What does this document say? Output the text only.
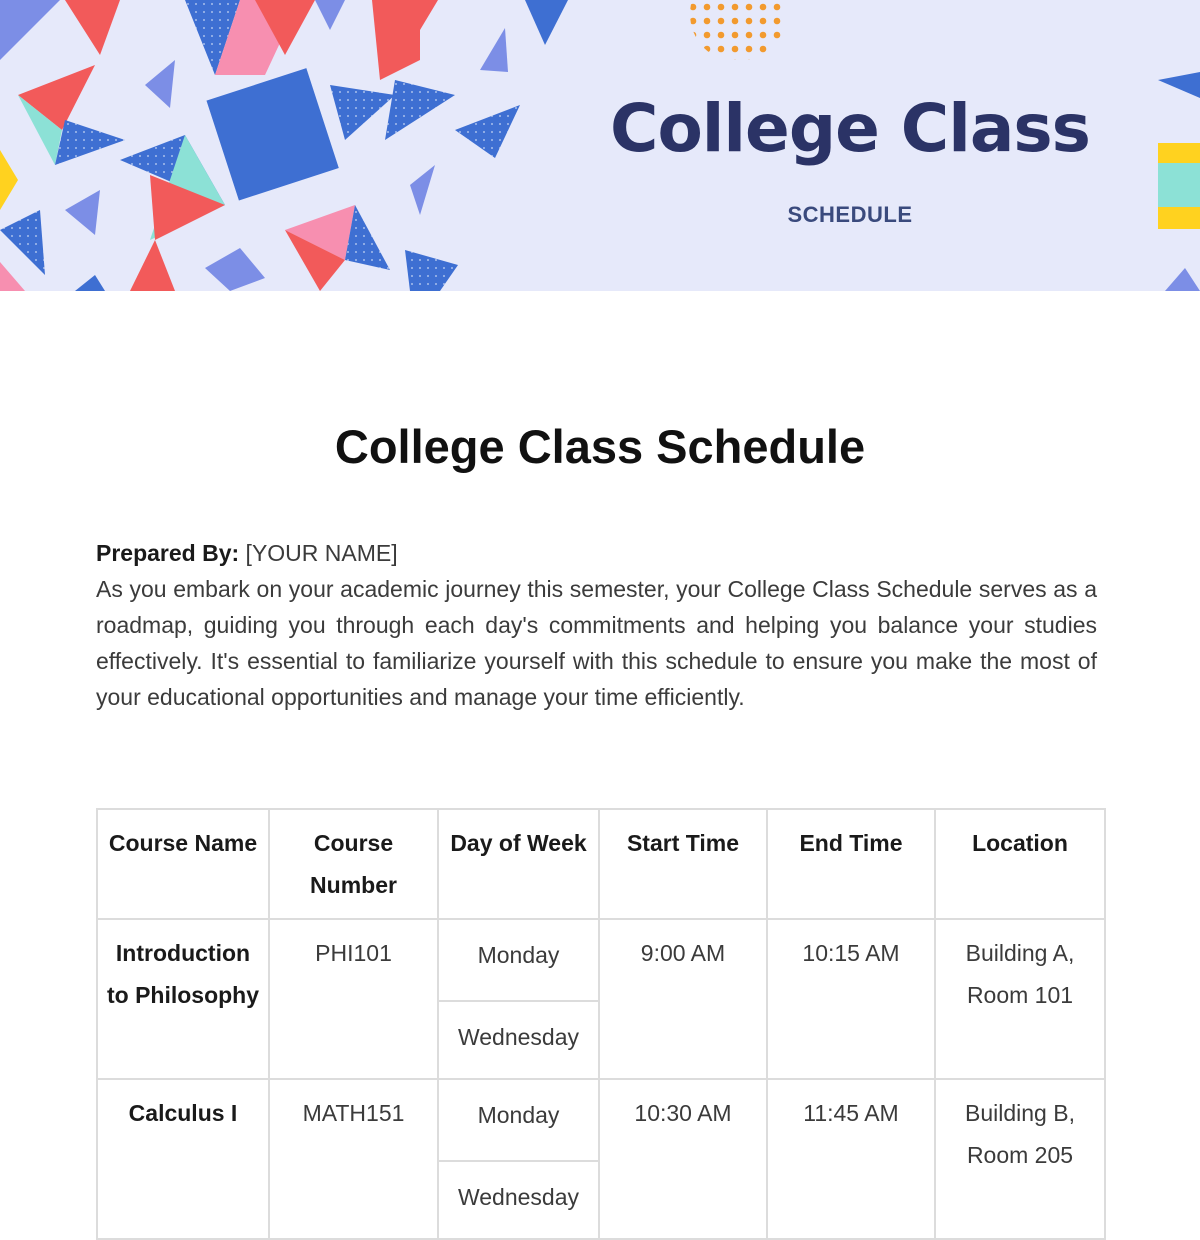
College Class
SCHEDULE
College Class Schedule

Prepared By: [YOUR NAME]

As you embark on your academic journey this semester, your College Class Schedule serves as a roadmap, guiding you through each day's commitments and helping you balance your studies effectively. It's essential to familiarize yourself with this schedule to ensure you make the most of your educational opportunities and manage your time efficiently.

Course Name	Course Number	Day of Week	Start Time	End Time	Location
Introduction to Philosophy	PHI101	Monday	9:00 AM	10:15 AM	Building A, Room 101
		Wednesday			
Calculus I	MATH151	Monday	10:30 AM	11:45 AM	Building B, Room 205
		Wednesday			
